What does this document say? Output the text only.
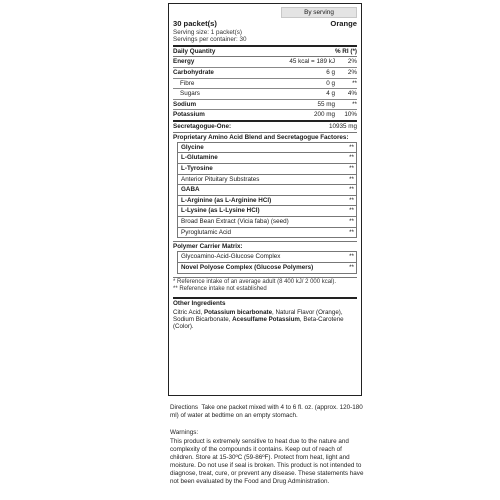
By serving
30 packet(s)	Orange
Serving size: 1 packet(s)
Servings per container: 30
Daily Quantity	% RI (*)
Energy	45 kcal = 189 kJ	2%
Carbohydrate	6 g	2%
Fibre	0 g	**
Sugars	4 g	4%
Sodium	55 mg	**
Potassium	200 mg	10%
Secretagogue-One:	10935 mg
Proprietary Amino Acid Blend and Secretagogue Factores:
Glycine	**
L-Glutamine	**
L-Tyrosine	**
Anterior Pituitary Substrates	**
GABA	**
L-Arginine (as L-Arginine HCl)	**
L-Lysine (as L-Lysine HCl)	**
Broad Bean Extract (Vicia faba) (seed)	**
Pyroglutamic Acid	**
Polymer Carrier Matrix:
Glycoamino-Acid-Glucose Complex	**
Novel Polyose Complex (Glucose Polymers)	**
* Reference intake of an average adult (8 400 kJ/ 2 000 kcal).
** Reference intake not established
Other Ingredients
Citric Acid, Potassium bicarbonate, Natural Flavor (Orange), Sodium Bicarbonate, Acesulfame Potassium, Beta-Carotene (Color).

Directions Take one packet mixed with 4 to 6 fl. oz. (approx. 120-180 ml) of water at bedtime on an empty stomach.

Warnings:
This product is extremely sensitive to heat due to the nature and complexity of the compounds it contains. Keep out of reach of children. Store at 15-30ºC (59-86ºF). Protect from heat, light and moisture. Do not use if seal is broken. This product is not intended to diagnose, treat, cure, or prevent any disease. These statements have not been evaluated by the Food and Drug Administration.
